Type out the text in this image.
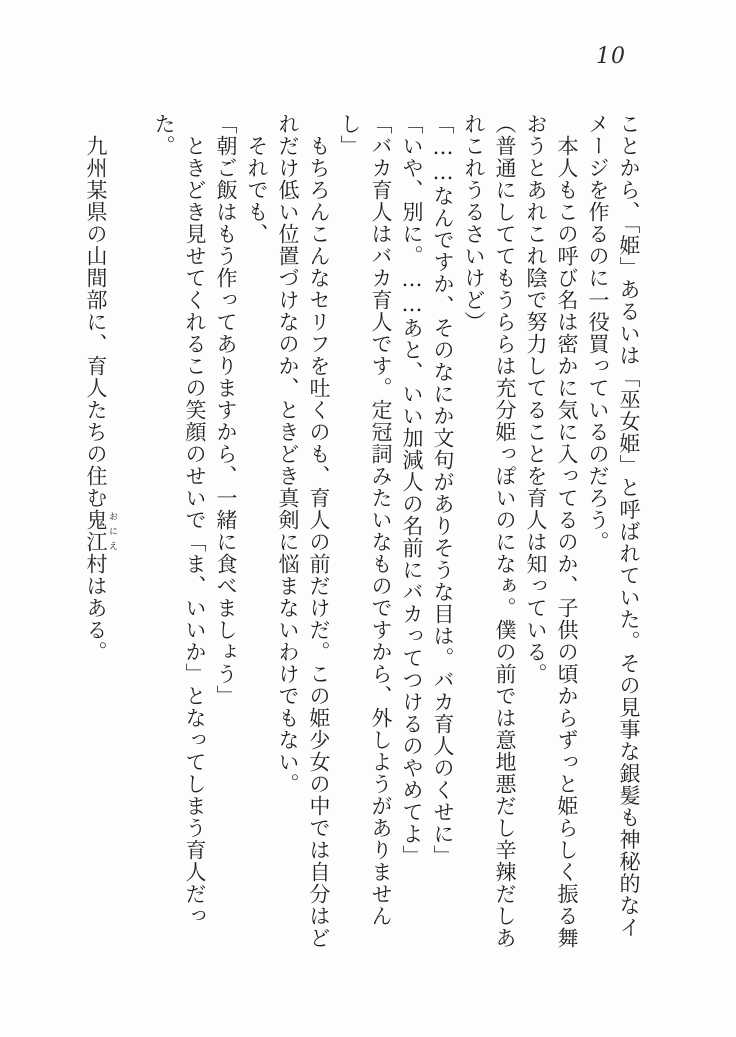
10

ことから、「姫」あるいは「巫女姫」と呼ばれていた。その見事な銀髪も神秘的なイ

メージを作るのに一役買っているのだろう。

　本人もこの呼び名は密かに気に入ってるのか、子供の頃からずっと姫らしく振る舞

おうとあれこれ陰で努力してることを育人は知っている。

（普通にしててもうららは充分姫っぽいのになぁ。僕の前では意地悪だし辛辣だしあ

れこれうるさいけど）

「……なんですか、そのなにか文句がありそうな目は。バカ育人のくせに」

「いや、別に。……あと、いい加減人の名前にバカってつけるのやめてよ」

「バカ育人はバカ育人です。定冠詞みたいなものですから、外しようがありません

し」

　もちろんこんなセリフを吐くのも、育人の前だけだ。この姫少女の中では自分はど

れだけ低い位置づけなのか、ときどき真剣に悩まないわけでもない。

　それでも、

「朝ご飯はもう作ってありますから、一緒に食べましょう」

　ときどき見せてくれるこの笑顔のせいで「ま、いいか」となってしまう育人だった。

　九州某県の山間部に、育人たちの住む鬼江 おにえ村はある。
